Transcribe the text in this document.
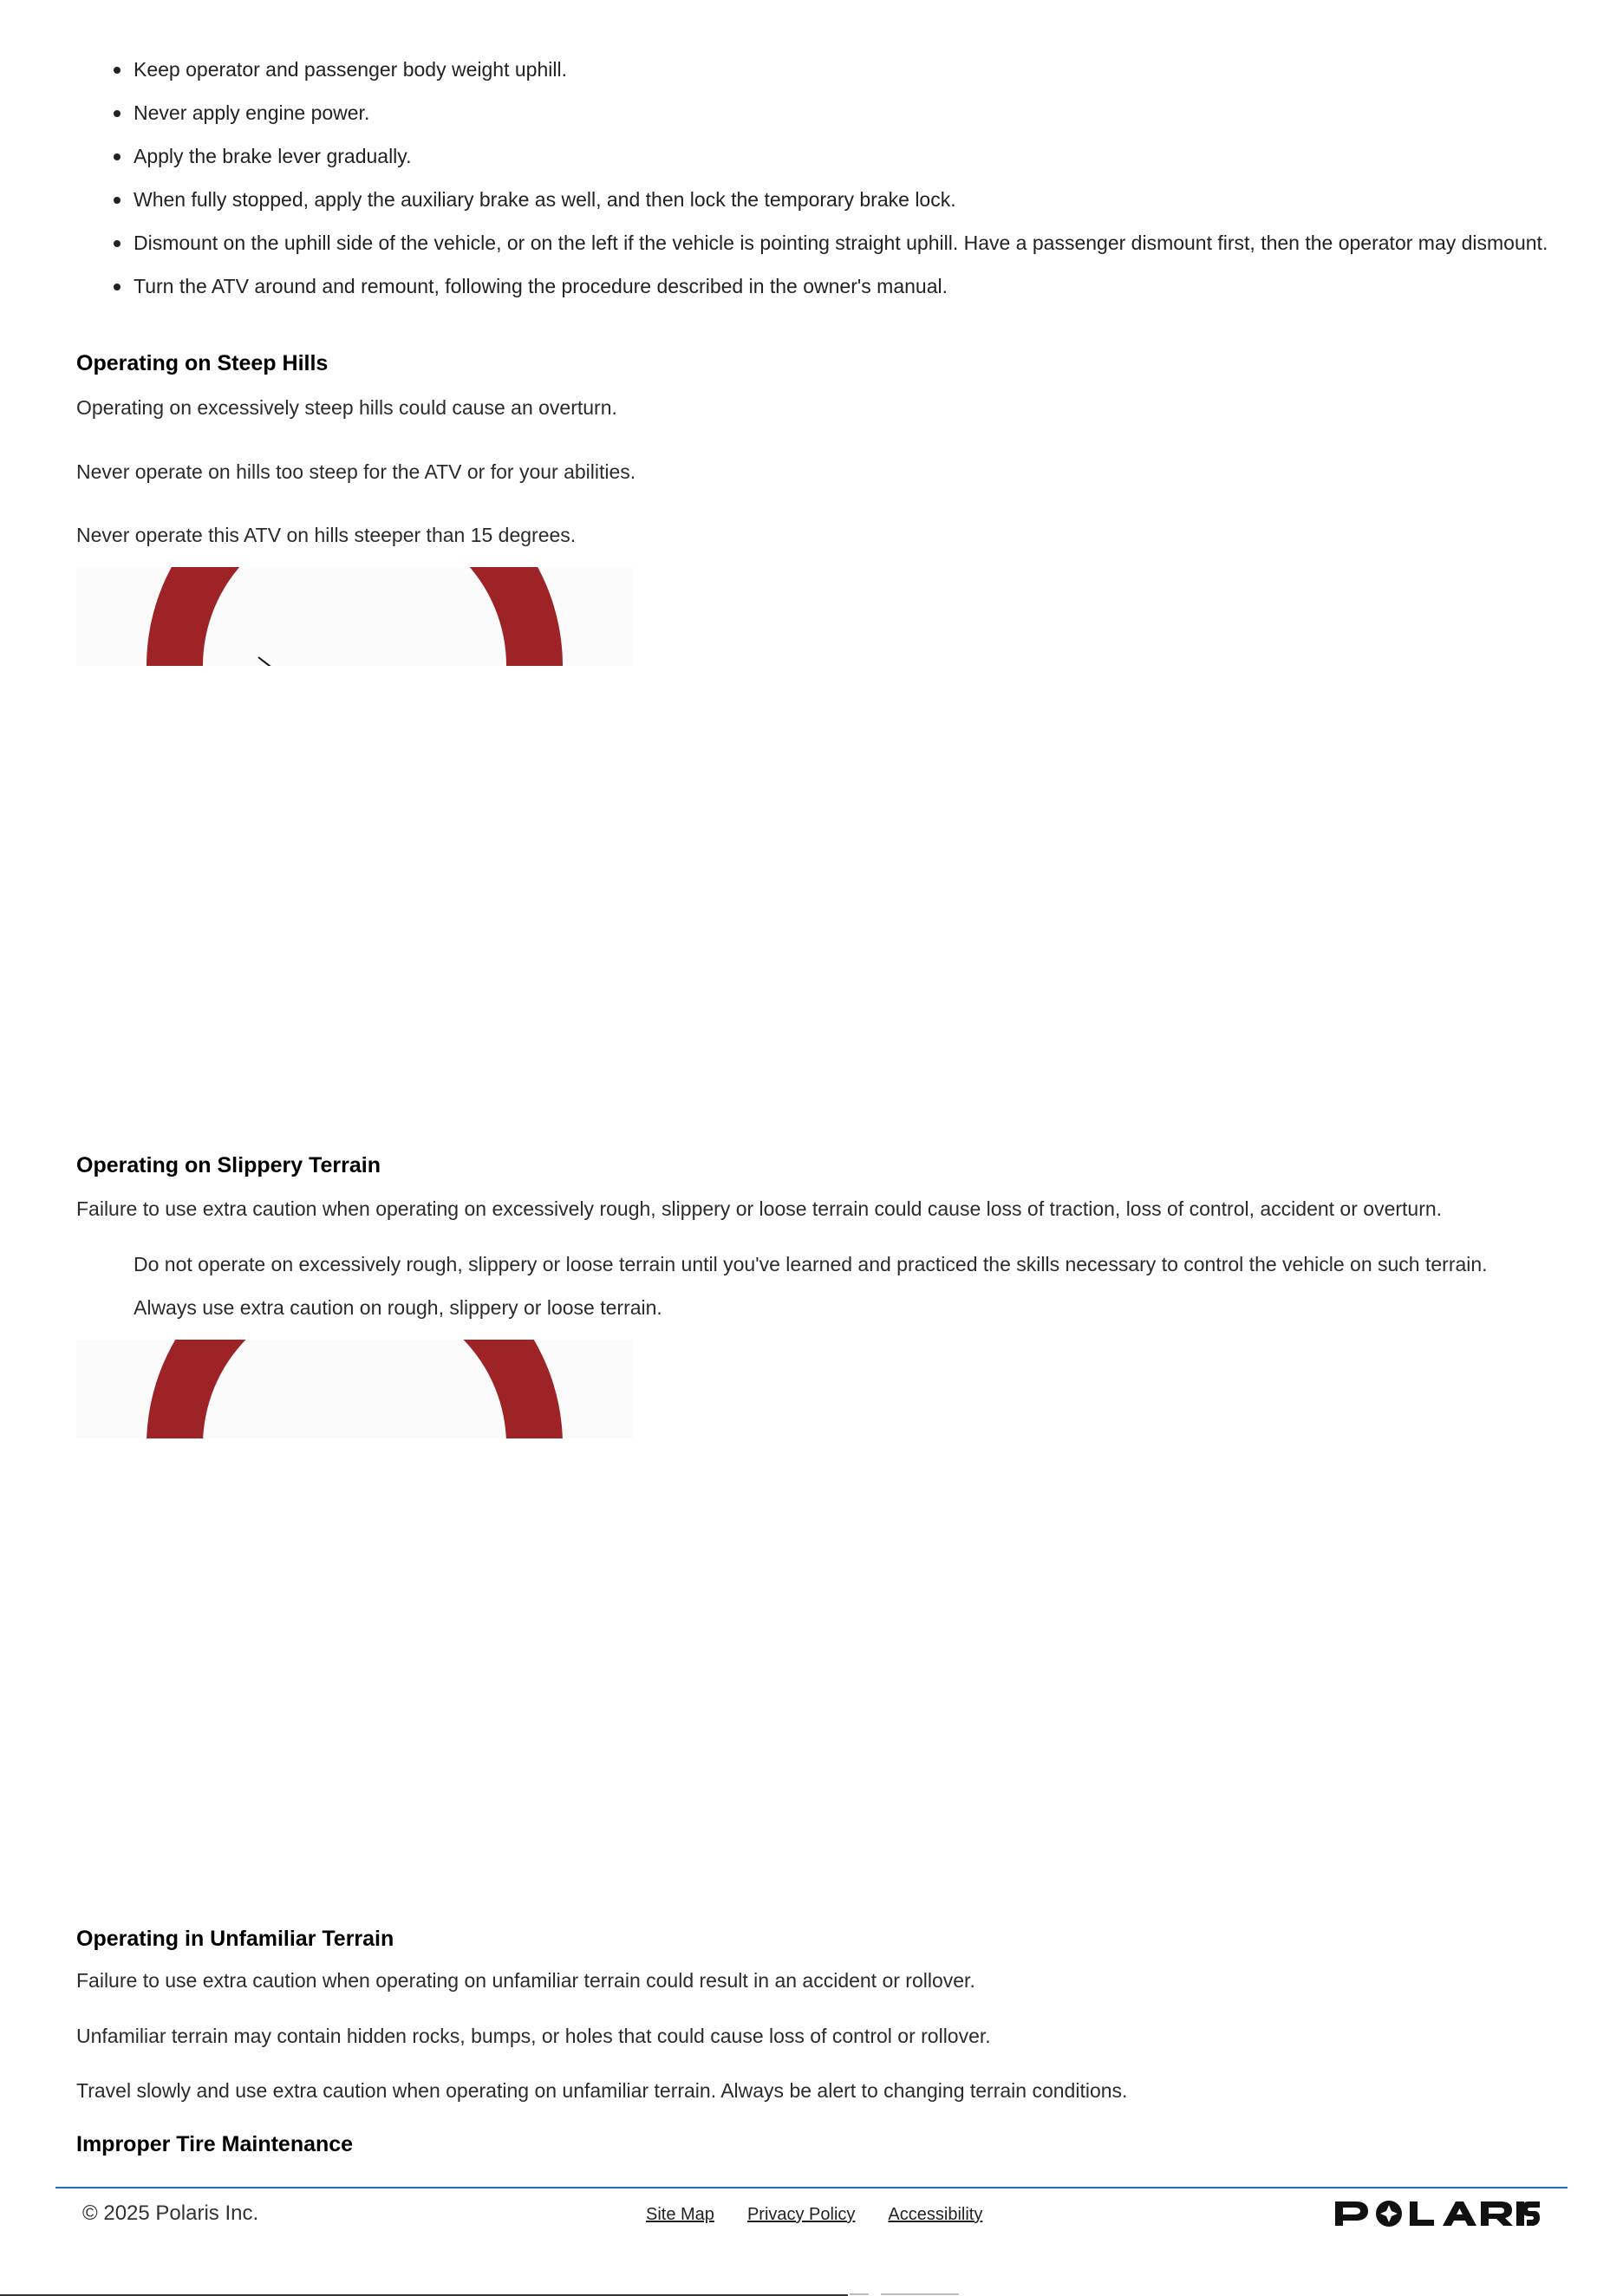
Keep operator and passenger body weight uphill.
Never apply engine power.
Apply the brake lever gradually.
When fully stopped, apply the auxiliary brake as well, and then lock the temporary brake lock.
Dismount on the uphill side of the vehicle, or on the left if the vehicle is pointing straight uphill. Have a passenger dismount first, then the operator may dismount.
Turn the ATV around and remount, following the procedure described in the owner's manual.
Operating on Steep Hills
Operating on excessively steep hills could cause an overturn.
Never operate on hills too steep for the ATV or for your abilities.
Never operate this ATV on hills steeper than 15 degrees.
Operating on Slippery Terrain
Failure to use extra caution when operating on excessively rough, slippery or loose terrain could cause loss of traction, loss of control, accident or overturn.
Do not operate on excessively rough, slippery or loose terrain until you've learned and practiced the skills necessary to control the vehicle on such terrain.
Always use extra caution on rough, slippery or loose terrain.
Operating in Unfamiliar Terrain
Failure to use extra caution when operating on unfamiliar terrain could result in an accident or rollover.
Unfamiliar terrain may contain hidden rocks, bumps, or holes that could cause loss of control or rollover.
Travel slowly and use extra caution when operating on unfamiliar terrain. Always be alert to changing terrain conditions.
Improper Tire Maintenance
© 2025 Polaris Inc.	Site Map Privacy Policy Accessibility
